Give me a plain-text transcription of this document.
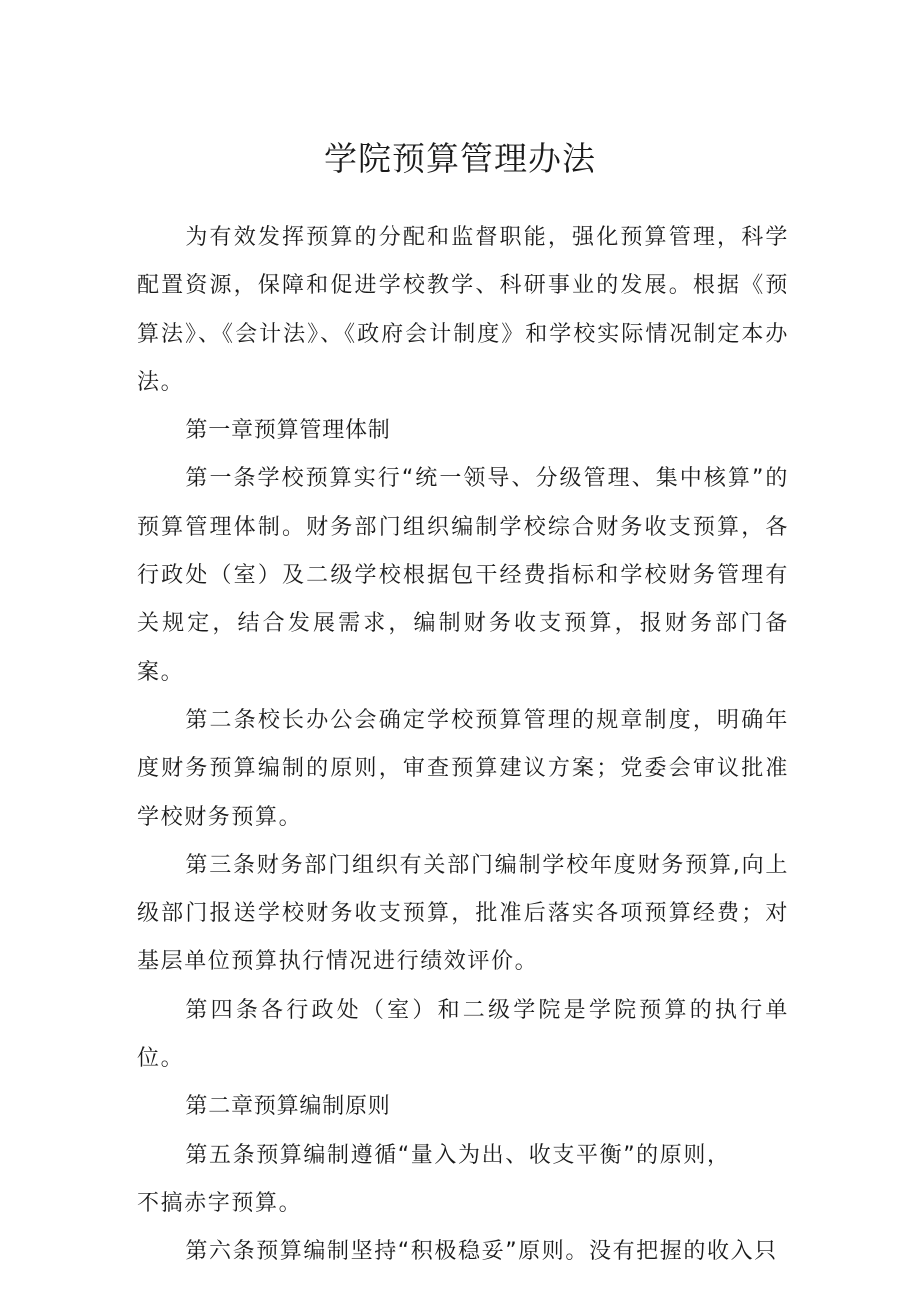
学院预算管理办法

为有效发挥预算的分配和监督职能，强化预算管理，科学配置资源，保障和促进学校教学、科研事业的发展。根据《预算法》、《会计法》、《政府会计制度》和学校实际情况制定本办法。

第一章预算管理体制

第一条学校预算实行“统一领导、分级管理、集中核算”的预算管理体制。财务部门组织编制学校综合财务收支预算，各行政处（室）及二级学校根据包干经费指标和学校财务管理有关规定，结合发展需求，编制财务收支预算，报财务部门备案。

第二条校长办公会确定学校预算管理的规章制度，明确年度财务预算编制的原则，审查预算建议方案；党委会审议批准学校财务预算。

第三条财务部门组织有关部门编制学校年度财务预算,向上级部门报送学校财务收支预算，批准后落实各项预算经费；对基层单位预算执行情况进行绩效评价。

第四条各行政处（室）和二级学院是学院预算的执行单位。

第二章预算编制原则

第五条预算编制遵循“量入为出、收支平衡”的原则，
不搞赤字预算。

第六条预算编制坚持“积极稳妥”原则。没有把握的收入只
